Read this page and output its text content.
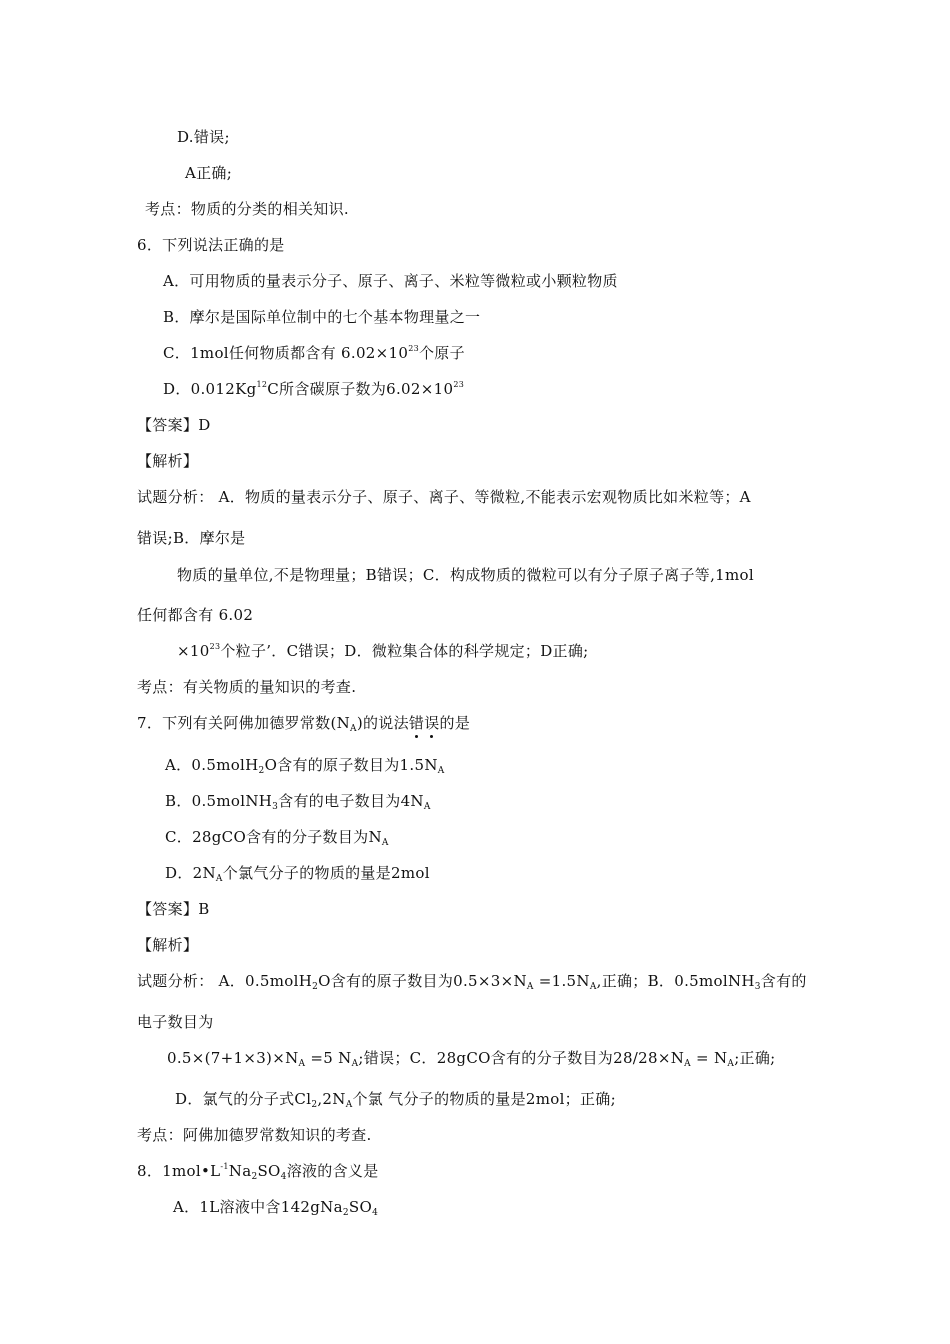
D.错误;
A正确;
考点：物质的分类的相关知识.
6．下列说法正确的是
A．可用物质的量表示分子、原子、离子、米粒等微粒或小颗粒物质
B．摩尔是国际单位制中的七个基本物理量之一
C．1mol任何物质都含有 $6.02\times 10^{23}$个原子
D．0.012Kg$^{12}$C所含碳原子数为$6.02\times 10^{23}$
【答案】D
【解析】
试题分析： A．物质的量表示分子、原子、离子、等微粒,不能表示宏观物质比如米粒等；A
错误;B．摩尔是
物质的量单位,不是物理量；B错误；C．构成物质的微粒可以有分子原子离子等,1mol
任何都含有 6.02
$\times 10^{23}$个粒子’．C错误；D．微粒集合体的科学规定；D正确;
考点：有关物质的量知识的考查.
7．下列有关阿佛加德罗常数$(N_A)$的说法错误的是
A．0.5molH$_2$O含有的原子数目为$1.5N_A$
B．0.5molNH$_3$含有的电子数目为$4N_A$
C．28gCO含有的分子数目为$N_A$
D．$2N_A$个氯气分子的物质的量是2mol
【答案】B
【解析】
试题分析： A．0.5molH$_2$O含有的原子数目为$0.5\times 3\times N_A =1.5N_A$,正确；B．0.5molNH$_3$含有的
电子数目为
$0.5\times(7+1\times 3)\times N_A =5$ $N_A$;错误；C．28gCO含有的分子数目为$28/28\times N_A = N_A$;正确;
D．氯气的分子式$Cl_2,2N_A$个氯 气分子的物质的量是2mol；正确;
考点：阿佛加德罗常数知识的考查.
8．$1mol•L^{-1}Na_2SO_4$溶液的含义是
A．1L溶液中含$142gNa_2SO_4$
